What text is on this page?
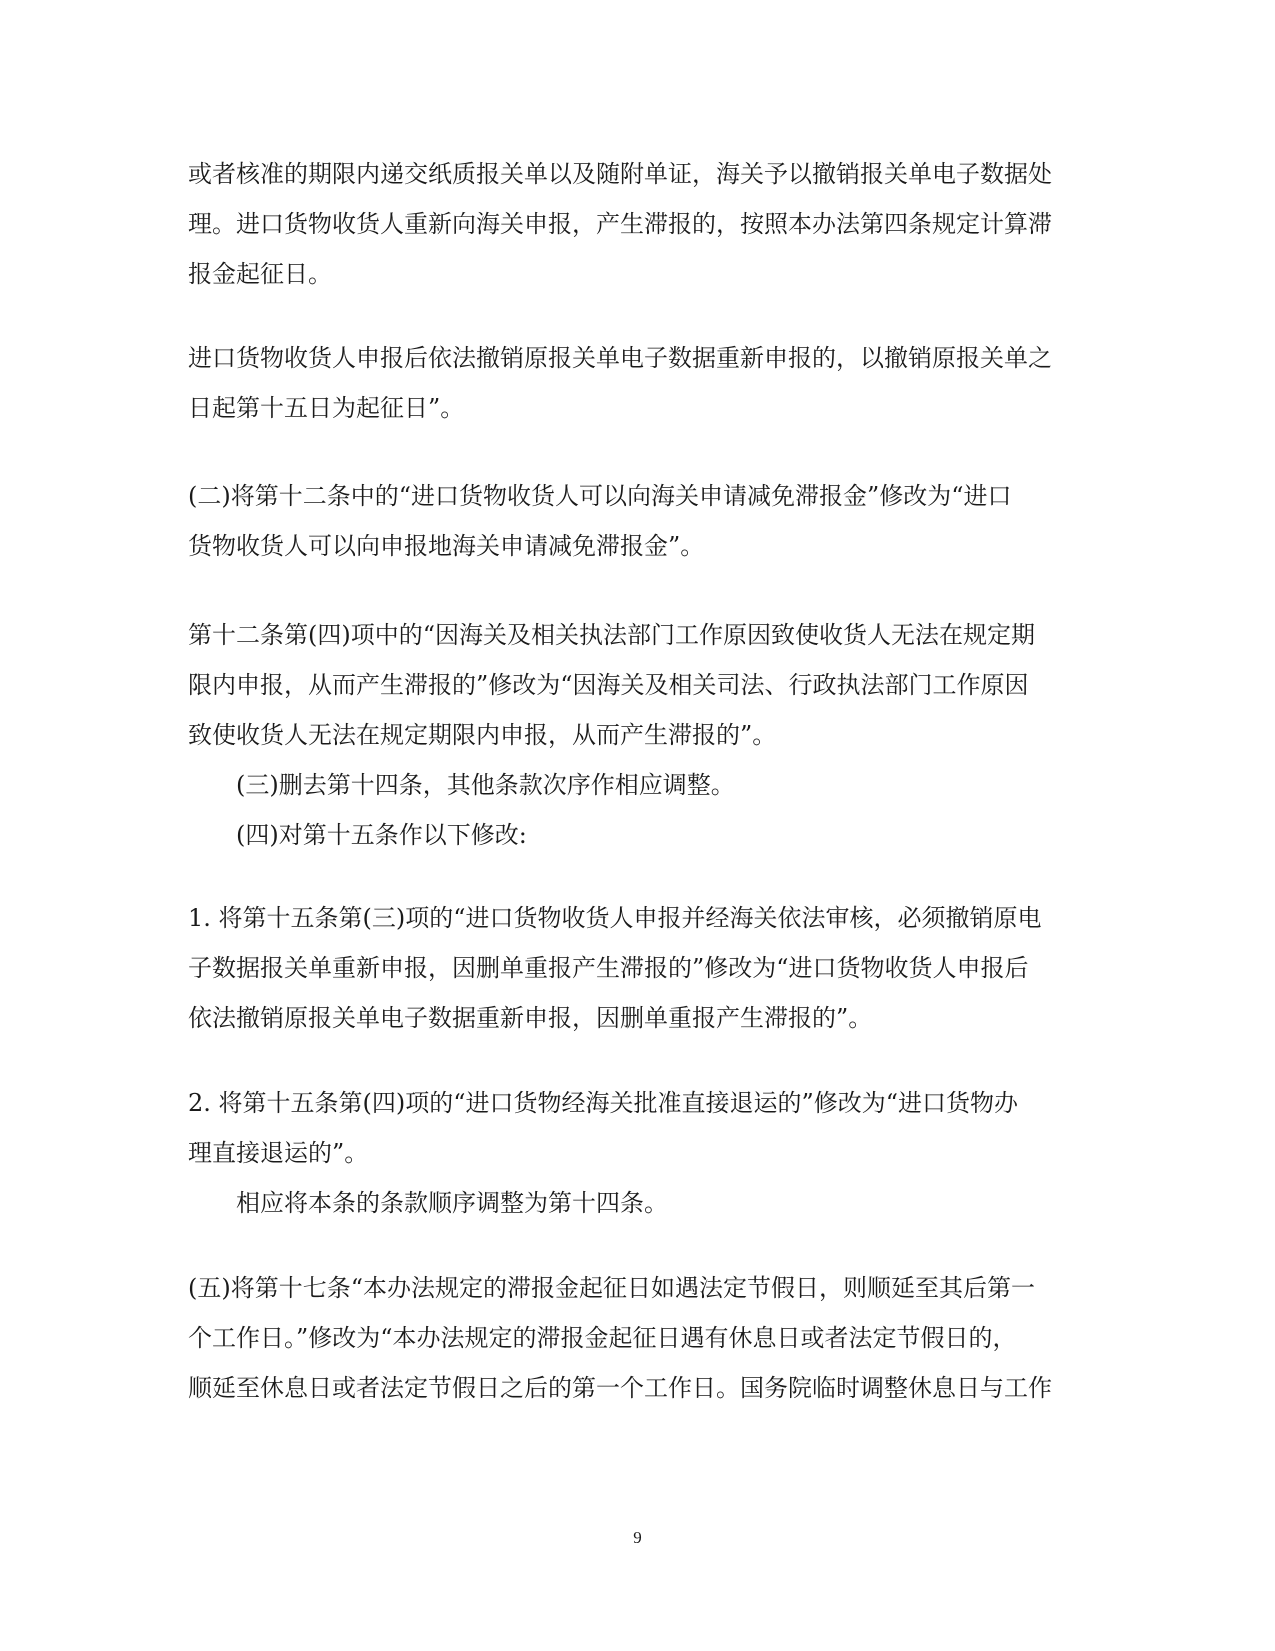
或者核准的期限内递交纸质报关单以及随附单证，海关予以撤销报关单电子数据处
理。进口货物收货人重新向海关申报，产生滞报的，按照本办法第四条规定计算滞
报金起征日。
进口货物收货人申报后依法撤销原报关单电子数据重新申报的，以撤销原报关单之
日起第十五日为起征日”。
(二)将第十二条中的“进口货物收货人可以向海关申请减免滞报金”修改为“进口
货物收货人可以向申报地海关申请减免滞报金”。
第十二条第(四)项中的“因海关及相关执法部门工作原因致使收货人无法在规定期
限内申报，从而产生滞报的”修改为“因海关及相关司法、行政执法部门工作原因
致使收货人无法在规定期限内申报，从而产生滞报的”。
(三)删去第十四条，其他条款次序作相应调整。
(四)对第十五条作以下修改:
1. 将第十五条第(三)项的“进口货物收货人申报并经海关依法审核，必须撤销原电
子数据报关单重新申报，因删单重报产生滞报的”修改为“进口货物收货人申报后
依法撤销原报关单电子数据重新申报，因删单重报产生滞报的”。
2. 将第十五条第(四)项的“进口货物经海关批准直接退运的”修改为“进口货物办
理直接退运的”。
相应将本条的条款顺序调整为第十四条。
(五)将第十七条“本办法规定的滞报金起征日如遇法定节假日，则顺延至其后第一
个工作日。”修改为“本办法规定的滞报金起征日遇有休息日或者法定节假日的，
顺延至休息日或者法定节假日之后的第一个工作日。国务院临时调整休息日与工作
9
